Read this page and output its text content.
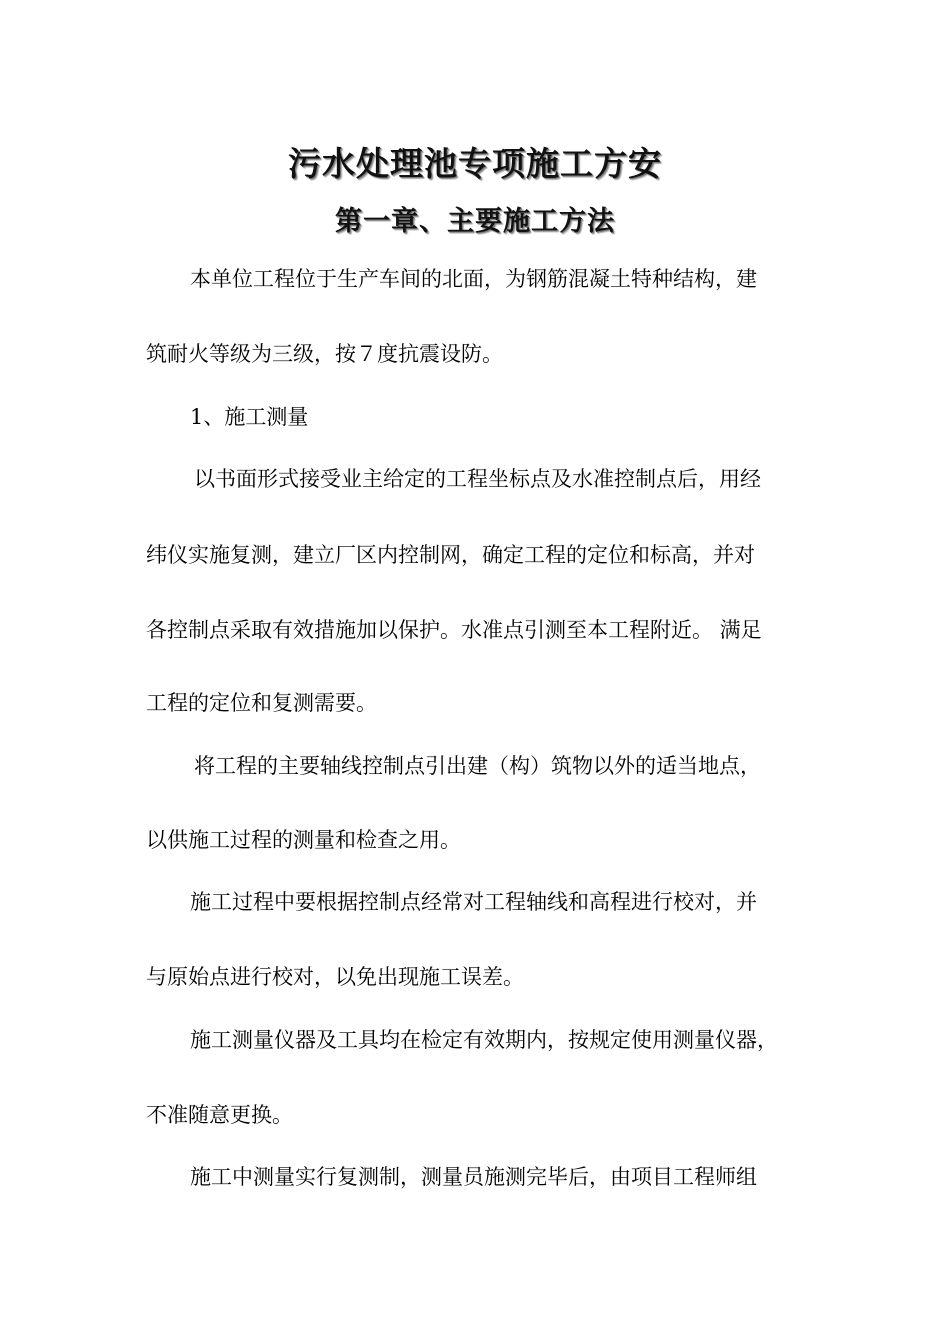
污水处理池专项施工方安
第一章、主要施工方法

本单位工程位于生产车间的北面，为钢筋混凝土特种结构，建

筑耐火等级为三级，按７度抗震设防。

1、施工测量

以书面形式接受业主给定的工程坐标点及水准控制点后，用经

纬仪实施复测，建立厂区内控制网，确定工程的定位和标高，并对

各控制点采取有效措施加以保护。水准点引测至本工程附近。 满足

工程的定位和复测需要。

将工程的主要轴线控制点引出建（构）筑物以外的适当地点，

以供施工过程的测量和检查之用。

施工过程中要根据控制点经常对工程轴线和高程进行校对，并

与原始点进行校对，以免出现施工误差。

施工测量仪器及工具均在检定有效期内，按规定使用测量仪器，

不准随意更换。

施工中测量实行复测制，测量员施测完毕后，由项目工程师组
